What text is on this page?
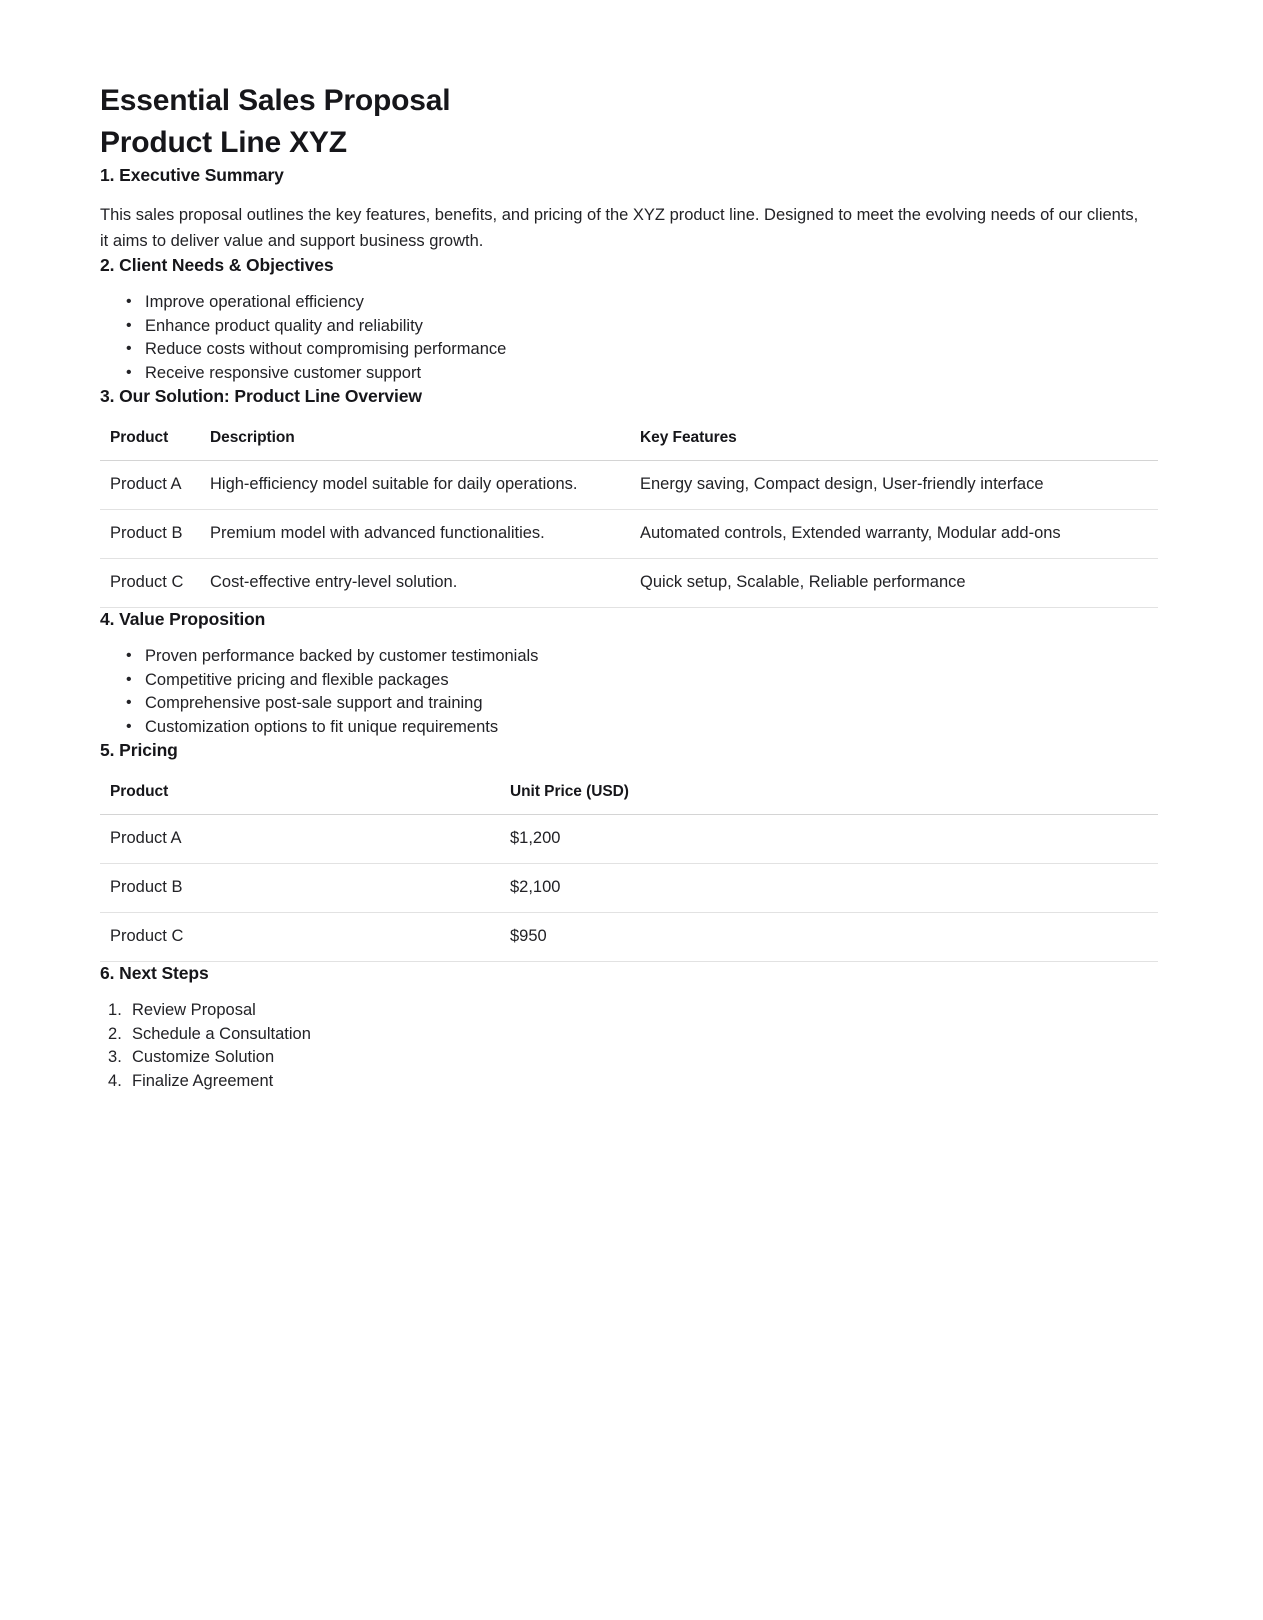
Essential Sales Proposal
Product Line XYZ
1. Executive Summary

This sales proposal outlines the key features, benefits, and pricing of the XYZ product line. Designed to meet the evolving needs of our clients, it aims to deliver value and support business growth.

2. Client Needs & Objectives
• Improve operational efficiency
• Enhance product quality and reliability
• Reduce costs without compromising performance
• Receive responsive customer support
3. Our Solution: Product Line Overview
Product	Description	Key Features
Product A	High-efficiency model suitable for daily operations.	Energy saving, Compact design, User-friendly interface
Product B	Premium model with advanced functionalities.	Automated controls, Extended warranty, Modular add-ons
Product C	Cost-effective entry-level solution.	Quick setup, Scalable, Reliable performance
4. Value Proposition
• Proven performance backed by customer testimonials
• Competitive pricing and flexible packages
• Comprehensive post-sale support and training
• Customization options to fit unique requirements
5. Pricing
Product	Unit Price (USD)
Product A	$1,200
Product B	$2,100
Product C	$950
6. Next Steps
Review Proposal
Schedule a Consultation
Customize Solution
Finalize Agreement
